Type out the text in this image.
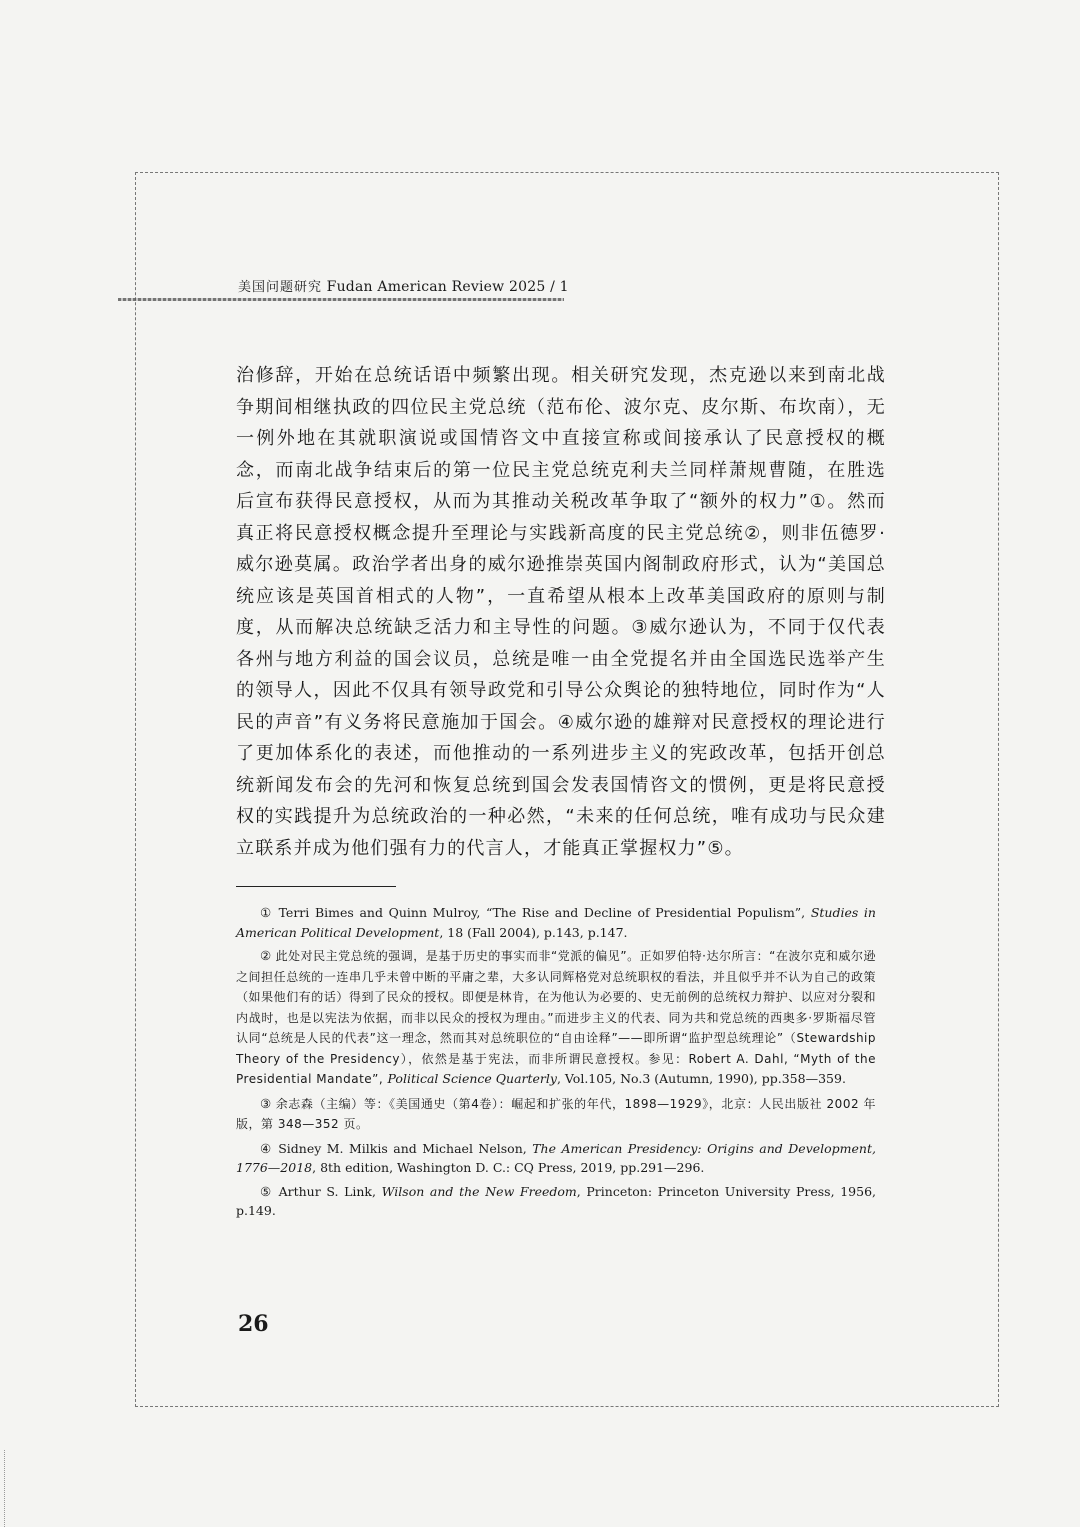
美国问题研究 Fudan American Review 2025 / 1

治修辞，开始在总统话语中频繁出现。相关研究发现，杰克逊以来到南北战争期间相继执政的四位民主党总统（范布伦、波尔克、皮尔斯、布坎南），无一例外地在其就职演说或国情咨文中直接宣称或间接承认了民意授权的概念，而南北战争结束后的第一位民主党总统克利夫兰同样萧规曹随，在胜选后宣布获得民意授权，从而为其推动关税改革争取了“额外的权力”①。然而真正将民意授权概念提升至理论与实践新高度的民主党总统②，则非伍德罗·威尔逊莫属。政治学者出身的威尔逊推崇英国内阁制政府形式，认为“美国总统应该是英国首相式的人物”，一直希望从根本上改革美国政府的原则与制度，从而解决总统缺乏活力和主导性的问题。③威尔逊认为，不同于仅代表各州与地方利益的国会议员，总统是唯一由全党提名并由全国选民选举产生的领导人，因此不仅具有领导政党和引导公众舆论的独特地位，同时作为“人民的声音”有义务将民意施加于国会。④威尔逊的雄辩对民意授权的理论进行了更加体系化的表述，而他推动的一系列进步主义的宪政改革，包括开创总统新闻发布会的先河和恢复总统到国会发表国情咨文的惯例，更是将民意授权的实践提升为总统政治的一种必然，“未来的任何总统，唯有成功与民众建立联系并成为他们强有力的代言人，才能真正掌握权力”⑤。

① Terri Bimes and Quinn Mulroy, “The Rise and Decline of Presidential Populism”, Studies in American Political Development, 18 (Fall 2004), p.143, p.147.

② 此处对民主党总统的强调，是基于历史的事实而非“党派的偏见”。正如罗伯特·达尔所言：“在波尔克和威尔逊之间担任总统的一连串几乎未曾中断的平庸之辈，大多认同辉格党对总统职权的看法，并且似乎并不认为自己的政策（如果他们有的话）得到了民众的授权。即便是林肯，在为他认为必要的、史无前例的总统权力辩护、以应对分裂和内战时，也是以宪法为依据，而非以民众的授权为理由。”而进步主义的代表、同为共和党总统的西奥多·罗斯福尽管认同“总统是人民的代表”这一理念，然而其对总统职位的“自由诠释”——即所谓“监护型总统理论”（Stewardship Theory of the Presidency），依然是基于宪法，而非所谓民意授权。参见：Robert A. Dahl, “Myth of the Presidential Mandate”, Political Science Quarterly, Vol.105, No.3 (Autumn, 1990), pp.358—359.

③ 余志森（主编）等：《美国通史（第4卷）：崛起和扩张的年代，1898—1929》，北京：人民出版社 2002 年版，第 348—352 页。

④ Sidney M. Milkis and Michael Nelson, The American Presidency: Origins and Development, 1776—2018, 8th edition, Washington D. C.: CQ Press, 2019, pp.291—296.

⑤ Arthur S. Link, Wilson and the New Freedom, Princeton: Princeton University Press, 1956, p.149.

26
